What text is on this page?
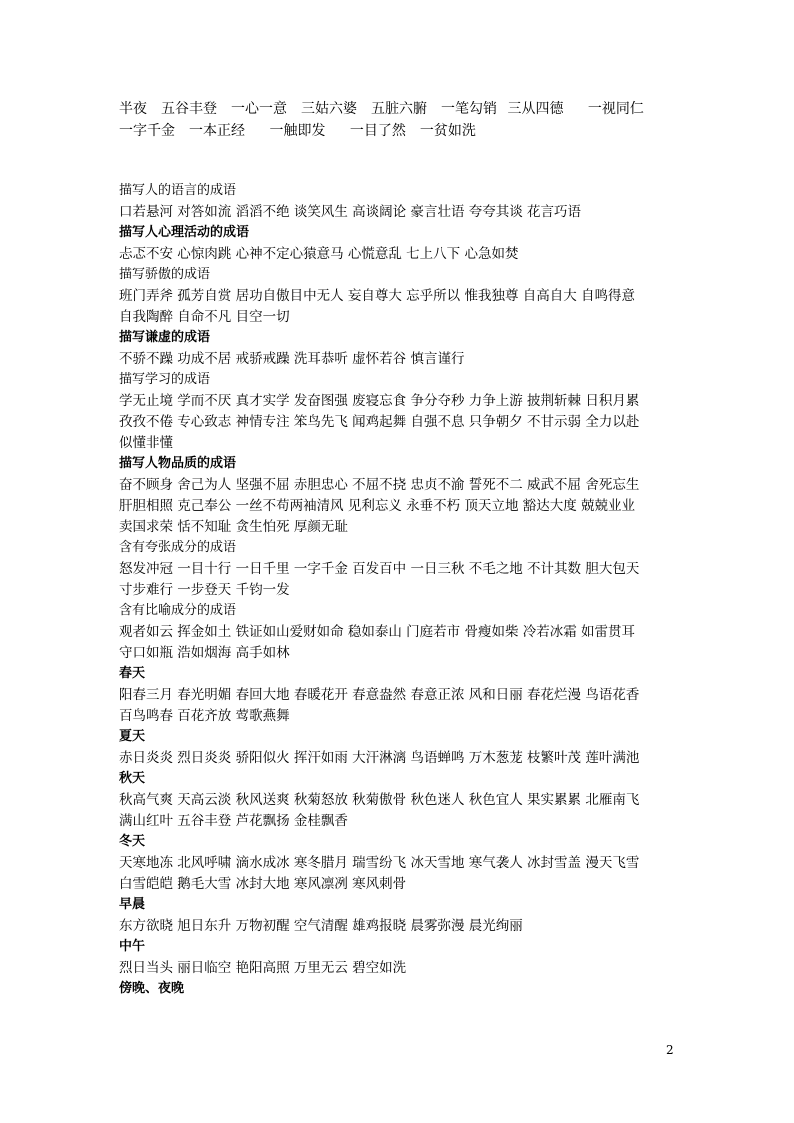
半夜　五谷丰登　一心一意　三姑六婆　五脏六腑　一笔勾销 三从四德　 一视同仁
一字千金　一本正经　 一触即发　 一目了然　一贫如洗
描写人的语言的成语
口若悬河 对答如流 滔滔不绝 谈笑风生 高谈阔论 豪言壮语 夸夸其谈 花言巧语
描写人心理活动的成语
忐忑不安 心惊肉跳 心神不定心猿意马 心慌意乱 七上八下 心急如焚
描写骄傲的成语
班门弄斧 孤芳自赏 居功自傲目中无人 妄自尊大 忘乎所以 惟我独尊 自高自大 自鸣得意
自我陶醉 自命不凡 目空一切
描写谦虚的成语
不骄不躁 功成不居 戒骄戒躁 洗耳恭听 虚怀若谷 慎言谨行
描写学习的成语
学无止境 学而不厌 真才实学 发奋图强 废寝忘食 争分夺秒 力争上游 披荆斩棘 日积月累
孜孜不倦 专心致志 神情专注 笨鸟先飞 闻鸡起舞 自强不息 只争朝夕 不甘示弱 全力以赴
似懂非懂
描写人物品质的成语
奋不顾身 舍己为人 坚强不屈 赤胆忠心 不屈不挠 忠贞不渝 誓死不二 威武不屈 舍死忘生
肝胆相照 克己奉公 一丝不苟两袖清风 见利忘义 永垂不朽 顶天立地 豁达大度 兢兢业业
卖国求荣 恬不知耻 贪生怕死 厚颜无耻
含有夸张成分的成语
怒发冲冠 一目十行 一日千里 一字千金 百发百中 一日三秋 不毛之地 不计其数 胆大包天
寸步难行 一步登天 千钧一发
含有比喻成分的成语
观者如云 挥金如土 铁证如山爱财如命 稳如泰山 门庭若市 骨瘦如柴 冷若冰霜 如雷贯耳
守口如瓶 浩如烟海 高手如林
春天
阳春三月 春光明媚 春回大地 春暖花开 春意盎然 春意正浓 风和日丽 春花烂漫 鸟语花香
百鸟鸣春 百花齐放 莺歌燕舞
夏天
赤日炎炎 烈日炎炎 骄阳似火 挥汗如雨 大汗淋漓 鸟语蝉鸣 万木葱茏 枝繁叶茂 莲叶满池
秋天
秋高气爽 天高云淡 秋风送爽 秋菊怒放 秋菊傲骨 秋色迷人 秋色宜人 果实累累 北雁南飞
满山红叶 五谷丰登 芦花飘扬 金桂飘香
冬天
天寒地冻 北风呼啸 滴水成冰 寒冬腊月 瑞雪纷飞 冰天雪地 寒气袭人 冰封雪盖 漫天飞雪
白雪皑皑 鹅毛大雪 冰封大地 寒风凛冽 寒风刺骨
早晨
东方欲晓 旭日东升 万物初醒 空气清醒 雄鸡报晓 晨雾弥漫 晨光绚丽
中午
烈日当头 丽日临空 艳阳高照 万里无云 碧空如洗
傍晚、夜晚
2
